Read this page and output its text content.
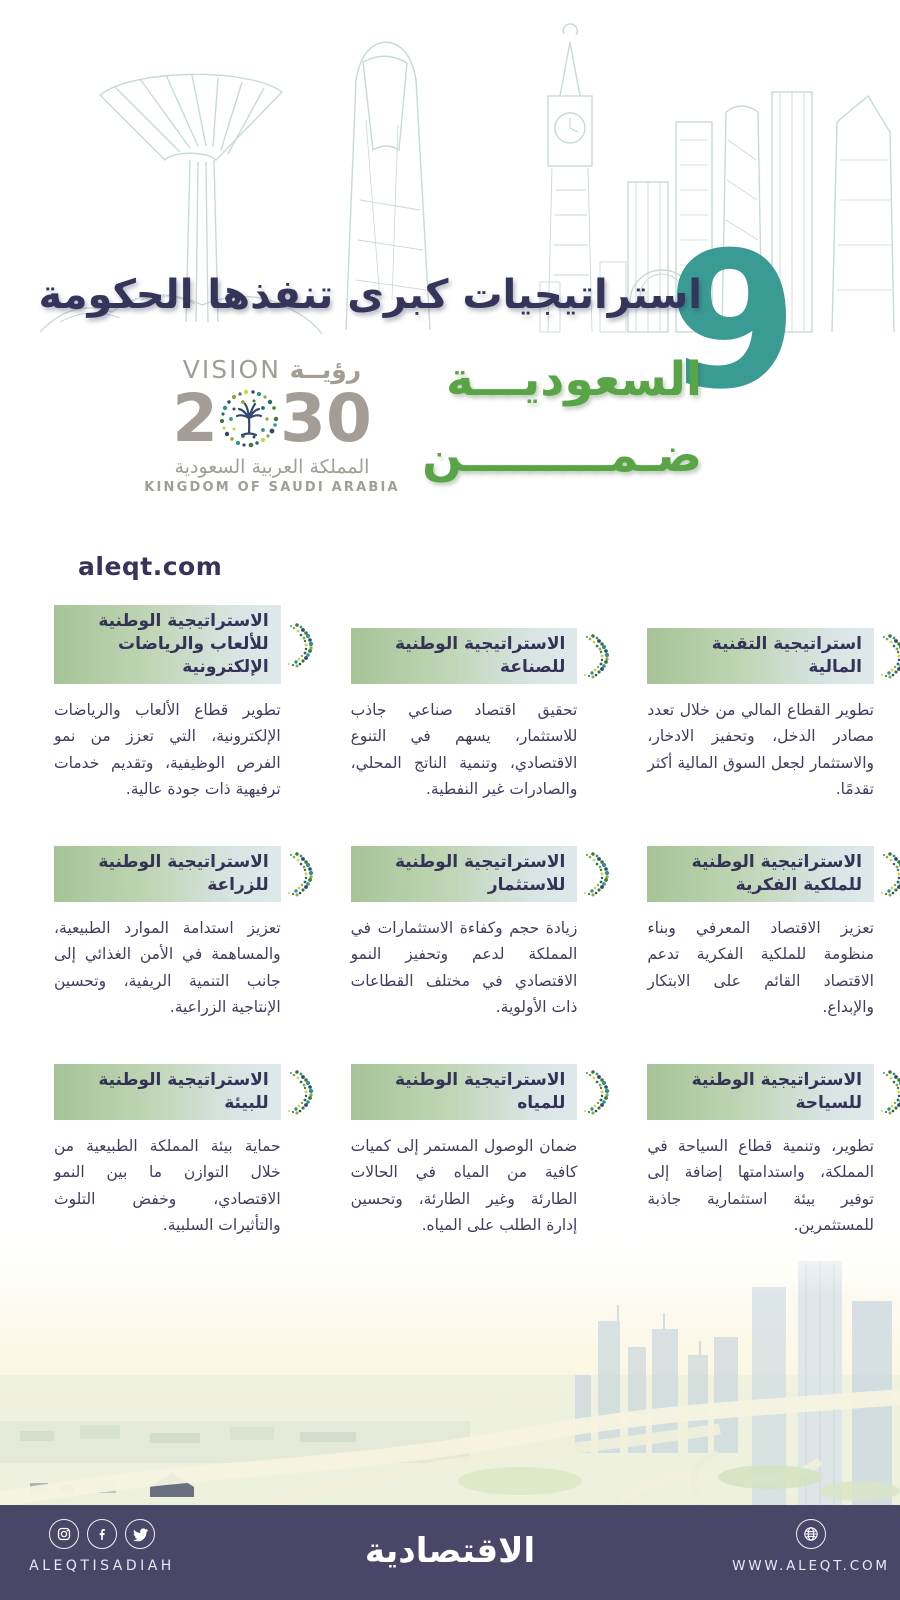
9
استراتيجيات كبرى تنفذها الحكومة
السعوديـــة
ضـمـــــــــن
رؤيــة VISION
2 30
المملكة العربية السعودية
KINGDOM OF SAUDI ARABIA
aleqt.com
استراتيجية التقنية المالية

تطوير القطاع المالي من خلال تعدد مصادر الدخل، وتحفيز الادخار، والاستثمار لجعل السوق المالية أكثر تقدمًا.

الاستراتيجية الوطنية للصناعة

تحقيق اقتصاد صناعي جاذب للاستثمار، يسهم في التنوع الاقتصادي، وتنمية الناتج المحلي، والصادرات غير النفطية.

الاستراتيجية الوطنية للألعاب والرياضات الإلكترونية

تطوير قطاع الألعاب والرياضات الإلكترونية، التي تعزز من نمو الفرص الوظيفية، وتقديم خدمات ترفيهية ذات جودة عالية.

الاستراتيجية الوطنية للملكية الفكرية

تعزيز الاقتصاد المعرفي وبناء منظومة للملكية الفكرية تدعم الاقتصاد القائم على الابتكار والإبداع.

الاستراتيجية الوطنية للاستثمار

زيادة حجم وكفاءة الاستثمارات في المملكة لدعم وتحفيز النمو الاقتصادي في مختلف القطاعات ذات الأولوية.

الاستراتيجية الوطنية للزراعة

تعزيز استدامة الموارد الطبيعية، والمساهمة في الأمن الغذائي إلى جانب التنمية الريفية، وتحسين الإنتاجية الزراعية.

الاستراتيجية الوطنية للسياحة

تطوير، وتنمية قطاع السياحة في المملكة، واستدامتها إضافة إلى توفير بيئة استثمارية جاذبة للمستثمرين.

الاستراتيجية الوطنية للمياه

ضمان الوصول المستمر إلى كميات كافية من المياه في الحالات الطارئة وغير الطارئة، وتحسين إدارة الطلب على المياه.

الاستراتيجية الوطنية للبيئة

حماية بيئة المملكة الطبيعية من خلال التوازن ما بين النمو الاقتصادي، وخفض التلوث والتأثيرات السلبية.

ALEQTISADIAH	الاقتصادية	WWW.ALEQT.COM
